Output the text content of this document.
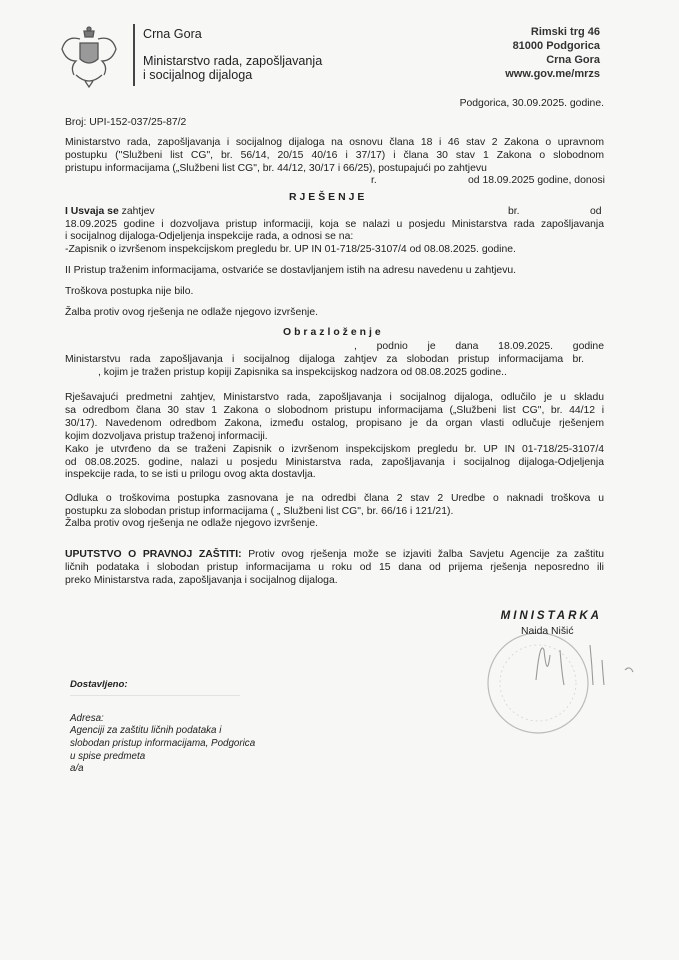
Crna Gora
Ministarstvo rada, zapošljavanja
i socijalnog dijaloga
Rimski trg 46
81000 Podgorica
Crna Gora
www.gov.me/mrzs
Podgorica, 30.09.2025. godine.
Broj: UPI-152-037/25-87/2
Ministarstvo rada, zapošljavanja i socijalnog dijaloga na osnovu člana 18 i 46 stav 2 Zakona o upravnom
postupku ("Službeni list CG", br. 56/14, 20/15 40/16 i 37/17) i člana 30 stav 1 Zakona o slobodnom
pristupu informacijama („Službeni list CG", br. 44/12, 30/17 i 66/25), postupajući po zahtjevu
r.	od 18.09.2025 godine, donosi
RJEŠENJE
I Usvaja se zahtjev	br.	od
18.09.2025 godine i dozvoljava pristup informaciji, koja se nalazi u posjedu Ministarstva rada zapošljavanja
i socijalnog dijaloga-Odjeljenja inspekcije rada, a odnosi se na:
-Zapisnik o izvršenom inspekcijskom pregledu br. UP IN 01-718/25-3107/4 od 08.08.2025. godine.
II Pristup traženim informacijama, ostvariće se dostavljanjem istih na adresu navedenu u zahtjevu.
Troškova postupka nije bilo.
Žalba protiv ovog rješenja ne odlaže njegovo izvršenje.
Obrazloženje
, podnio je dana 18.09.2025. godine
Ministarstvu rada zapošljavanja i socijalnog dijaloga zahtjev za slobodan pristup informacijama br.
, kojim je tražen pristup kopiji Zapisnika sa inspekcijskog nadzora od 08.08.2025 godine..
Rješavajući predmetni zahtjev, Ministarstvo rada, zapošljavanja i socijalnog dijaloga, odlučilo je u skladu
sa odredbom člana 30 stav 1 Zakona o slobodnom pristupu informacijama („Službeni list CG", br. 44/12 i
30/17). Navedenom odredbom Zakona, između ostalog, propisano je da organ vlasti odlučuje rješenjem
kojim dozvoljava pristup traženoj informaciji.
Kako je utvrđeno da se traženi Zapisnik o izvršenom inspekcijskom pregledu br. UP IN 01-718/25-3107/4
od 08.08.2025. godine, nalazi u posjedu Ministarstva rada, zapošljavanja i socijalnog dijaloga-Odjeljenja
inspekcije rada, to se isti u prilogu ovog akta dostavlja.
Odluka o troškovima postupka zasnovana je na odredbi člana 2 stav 2 Uredbe o naknadi troškova u
postupku za slobodan pristup informacijama ( „ Službeni list CG", br. 66/16 i 121/21).
Žalba protiv ovog rješenja ne odlaže njegovo izvršenje.
UPUTSTVO O PRAVNOJ ZAŠTITI: Protiv ovog rješenja može se izjaviti žalba Savjetu Agencije za zaštitu
ličnih podataka i slobodan pristup informacijama u roku od 15 dana od prijema rješenja neposredno ili
preko Ministarstva rada, zapošljavanja i socijalnog dijaloga.
MINISTARKA
Naida Nišić
Dostavljeno:
Adresa:
Agenciji za zaštitu ličnih podataka i
slobodan pristup informacijama, Podgorica
u spise predmeta
a/a
